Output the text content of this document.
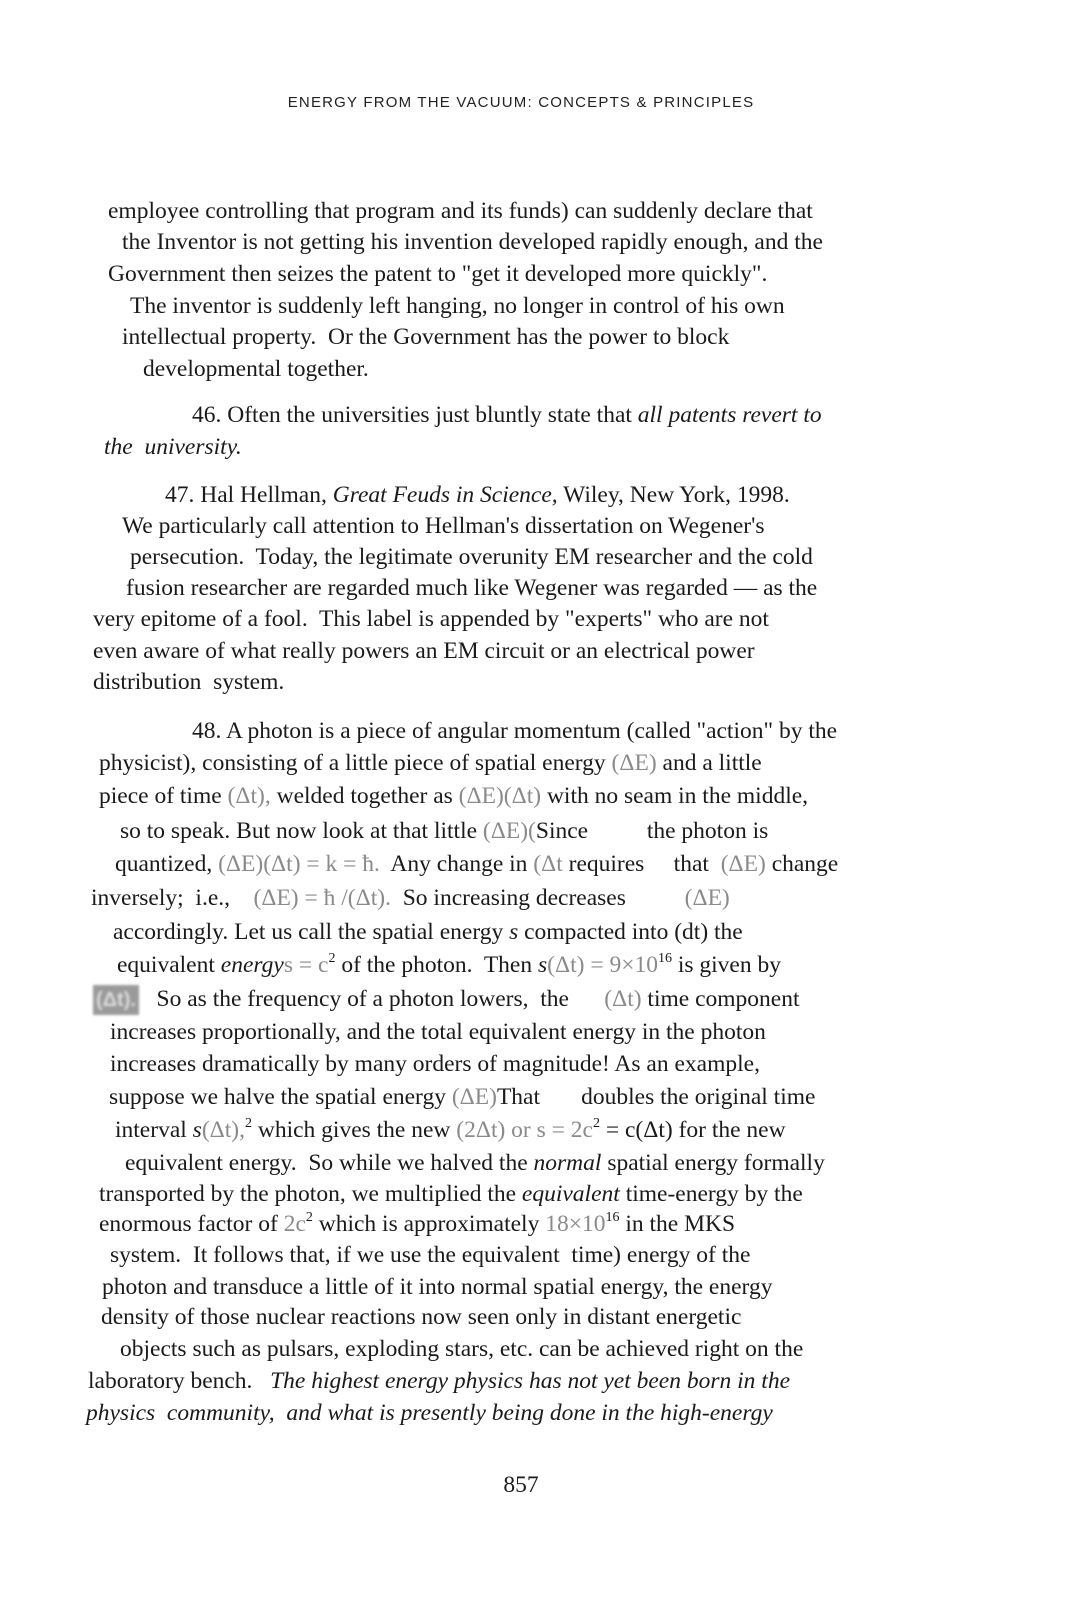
ENERGY FROM THE VACUUM: CONCEPTS & PRINCIPLES
employee controlling that program and its funds) can suddenly declare that
the Inventor is not getting his invention developed rapidly enough, and the
Government then seizes the patent to "get it developed more quickly".
The inventor is suddenly left hanging, no longer in control of his own
intellectual property.  Or the Government has the power to block
developmental together.
46. Often the universities just bluntly state that all patents revert to
the  university.
47. Hal Hellman, Great Feuds in Science, Wiley, New York, 1998.
We particularly call attention to Hellman's dissertation on Wegener's
persecution.  Today, the legitimate overunity EM researcher and the cold
fusion researcher are regarded much like Wegener was regarded — as the
very epitome of a fool.  This label is appended by "experts" who are not
even aware of what really powers an EM circuit or an electrical power
distribution  system.
48. A photon is a piece of angular momentum (called "action" by the
physicist), consisting of a little piece of spatial energy (ΔE) and a little
piece of time (Δt), welded together as (ΔE)(Δt) with no seam in the middle,
so to speak. But now look at that little (ΔE)(Since          the photon is
quantized, (ΔE)(Δt) = k = ħ.  Any change in (Δt requires     that  (ΔE) change
inversely;  i.e.,    (ΔE) = ħ /(Δt).  So increasing decreases          (ΔE)
accordingly. Let us call the spatial energy s compacted into (dt) the
equivalent energys = $c^2$ of the photon.  Then $s(\Delta t) = 9\times 10^{16}$ is given by
(Δt).   So as the frequency of a photon lowers,  the      (Δt) time component
increases proportionally, and the total equivalent energy in the photon
increases dramatically by many orders of magnitude! As an example,
suppose we halve the spatial energy (ΔE)That       doubles the original time
interval s(Δt),$^2$ which gives the new (2Δt) or $s = 2c^2 = c(\Delta t)$ for the new
equivalent energy.  So while we halved the normal spatial energy formally
transported by the photon, we multiplied the equivalent time-energy by the
enormous factor of $2c^2$ which is approximately $18\times 10^{16}$ in the MKS
system.  It follows that, if we use the equivalent  time) energy of the
photon and transduce a little of it into normal spatial energy, the energy
density of those nuclear reactions now seen only in distant energetic
objects such as pulsars, exploding stars, etc. can be achieved right on the
laboratory bench.   The highest energy physics has not yet been born in the
physics  community,  and what is presently being done in the high-energy
857
